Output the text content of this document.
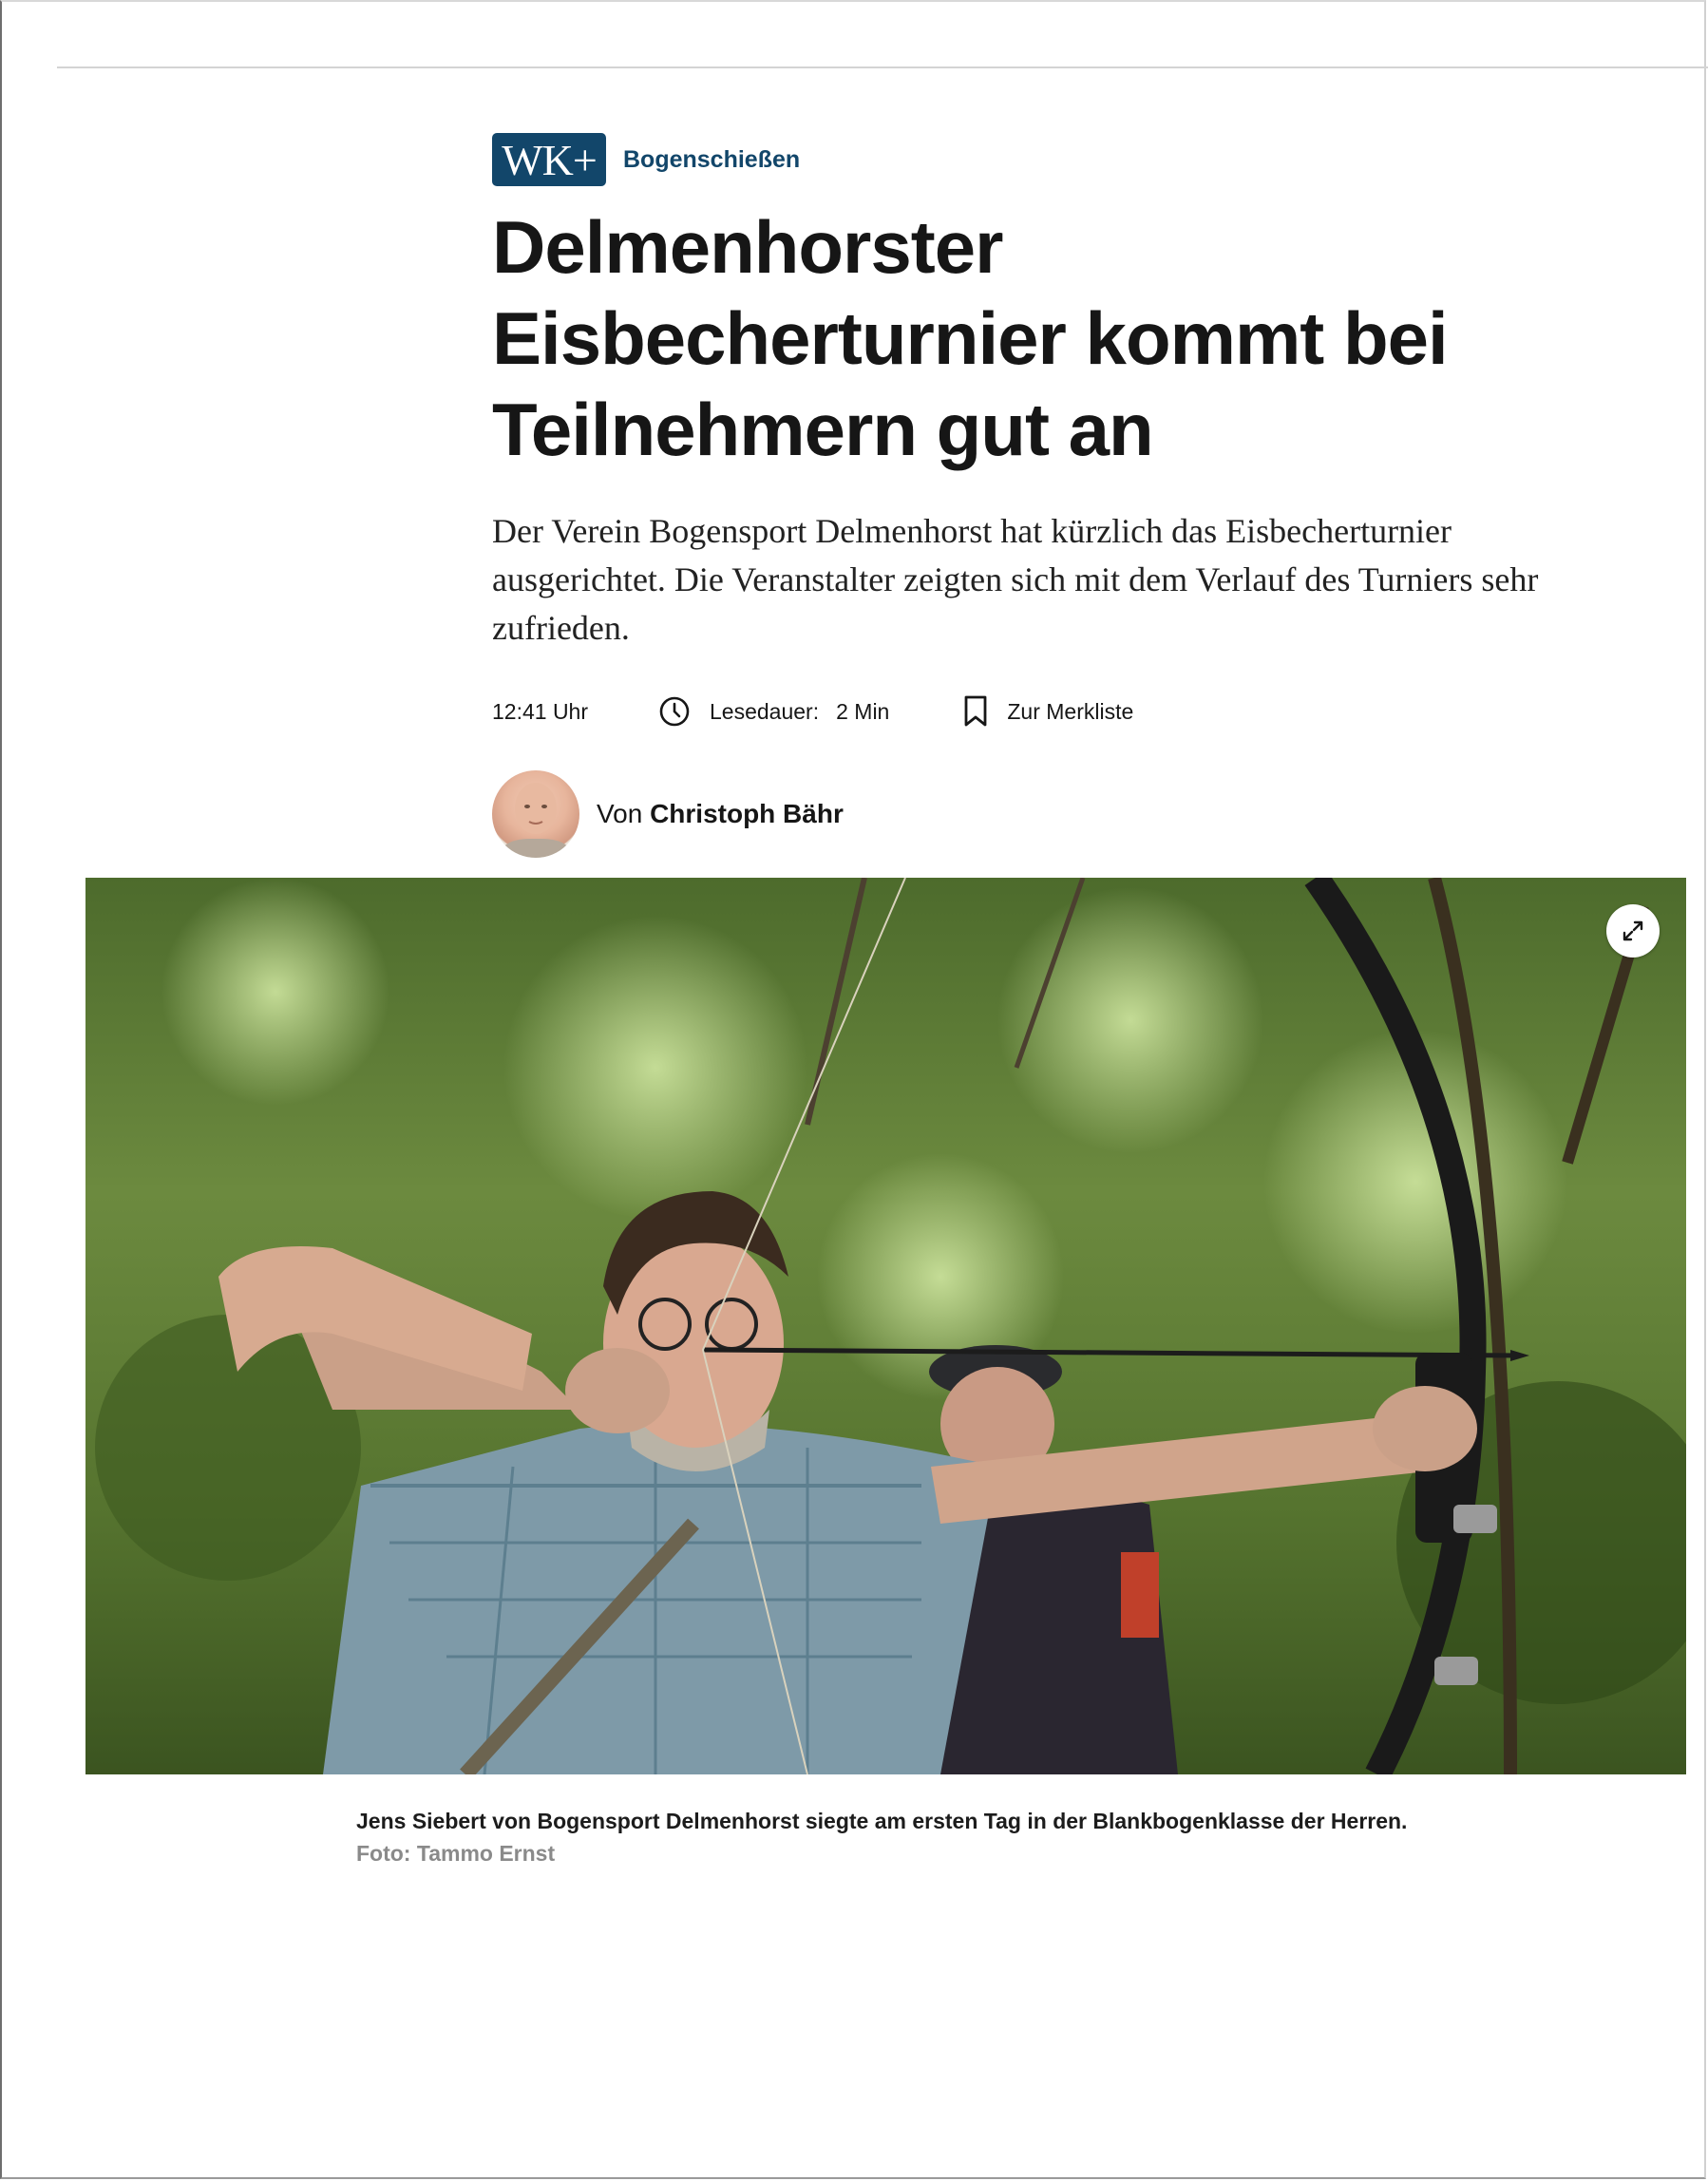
WK+	Bogenschießen
Delmenhorster Eisbecherturnier kommt bei Teilnehmern gut an

Der Verein Bogensport Delmenhorst hat kürzlich das Eisbecherturnier ausgerichtet. Die Veranstalter zeigten sich mit dem Verlauf des Turniers sehr zufrieden.

12:41 Uhr	Lesedauer: 2 Min	Zur Merkliste
Von Christoph Bähr
Jens Siebert von Bogensport Delmenhorst siegte am ersten Tag in der Blankbogenklasse der Herren.
Foto: Tammo Ernst
